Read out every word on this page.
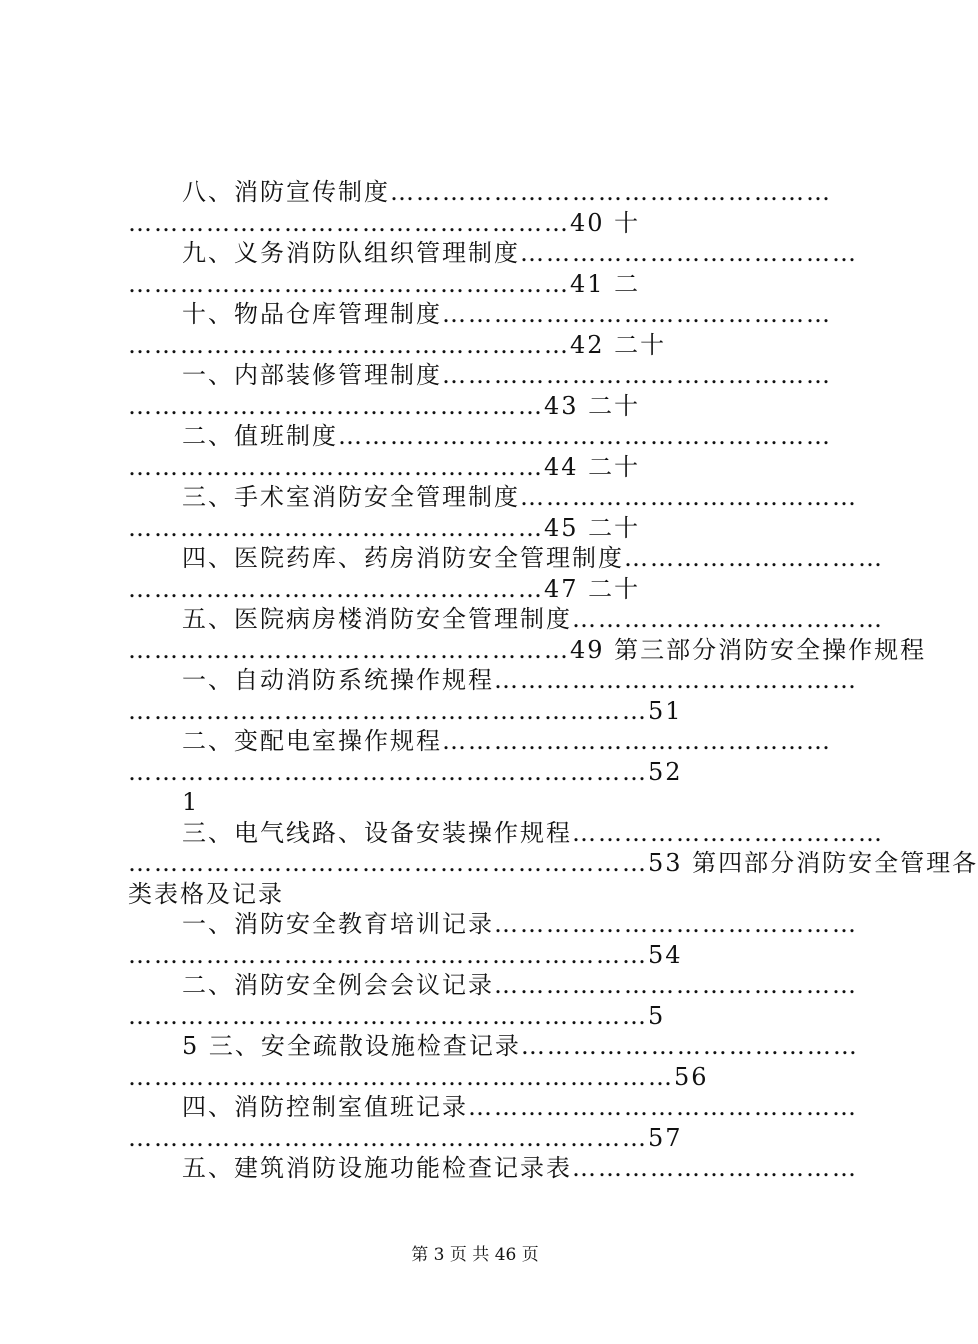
八、消防宣传制度……………………………………………
……………………………………………40 十
九、义务消防队组织管理制度…………………………………
……………………………………………41 二
十、物品仓库管理制度………………………………………
……………………………………………42 二十
一、内部装修管理制度………………………………………
…………………………………………43 二十
二、值班制度…………………………………………………
…………………………………………44 二十
三、手术室消防安全管理制度…………………………………
…………………………………………45 二十
四、医院药库、药房消防安全管理制度…………………………
…………………………………………47 二十
五、医院病房楼消防安全管理制度………………………………
……………………………………………49 第三部分消防安全操作规程
一、自动消防系统操作规程……………………………………
……………………………………………………51
二、变配电室操作规程………………………………………
……………………………………………………52
1
三、电气线路、设备安装操作规程………………………………
……………………………………………………53 第四部分消防安全管理各
类表格及记录
一、消防安全教育培训记录……………………………………
……………………………………………………54
二、消防安全例会会议记录……………………………………
……………………………………………………5
5 三、安全疏散设施检查记录…………………………………
………………………………………………………56
四、消防控制室值班记录………………………………………
……………………………………………………57
五、建筑消防设施功能检查记录表……………………………
第 3 页 共 46 页
